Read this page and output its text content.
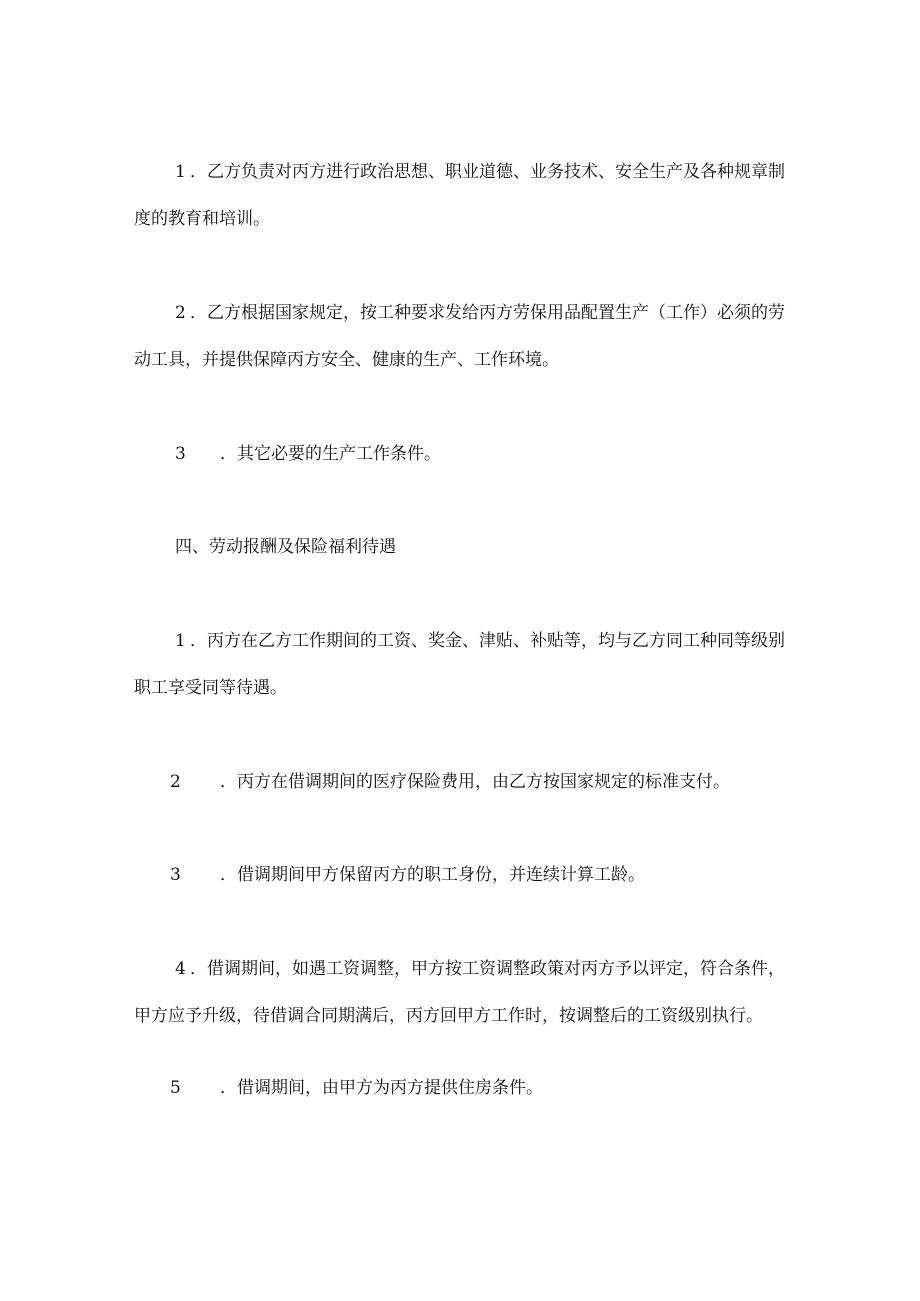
1 ．乙方负责对丙方进行政治思想、职业道德、业务技术、安全生产及各种规章制
度的教育和培训。
2 ．乙方根据国家规定，按工种要求发给丙方劳保用品配置生产（工作）必须的劳
动工具，并提供保障丙方安全、健康的生产、工作环境。
3 ．其它必要的生产工作条件。
四、劳动报酬及保险福利待遇
1 ．丙方在乙方工作期间的工资、奖金、津贴、补贴等，均与乙方同工种同等级别
职工享受同等待遇。
2 ．丙方在借调期间的医疗保险费用，由乙方按国家规定的标准支付。
3 ．借调期间甲方保留丙方的职工身份，并连续计算工龄。
4 ．借调期间，如遇工资调整，甲方按工资调整政策对丙方予以评定，符合条件，
甲方应予升级，待借调合同期满后，丙方回甲方工作时，按调整后的工资级别执行。
5 ．借调期间，由甲方为丙方提供住房条件。
